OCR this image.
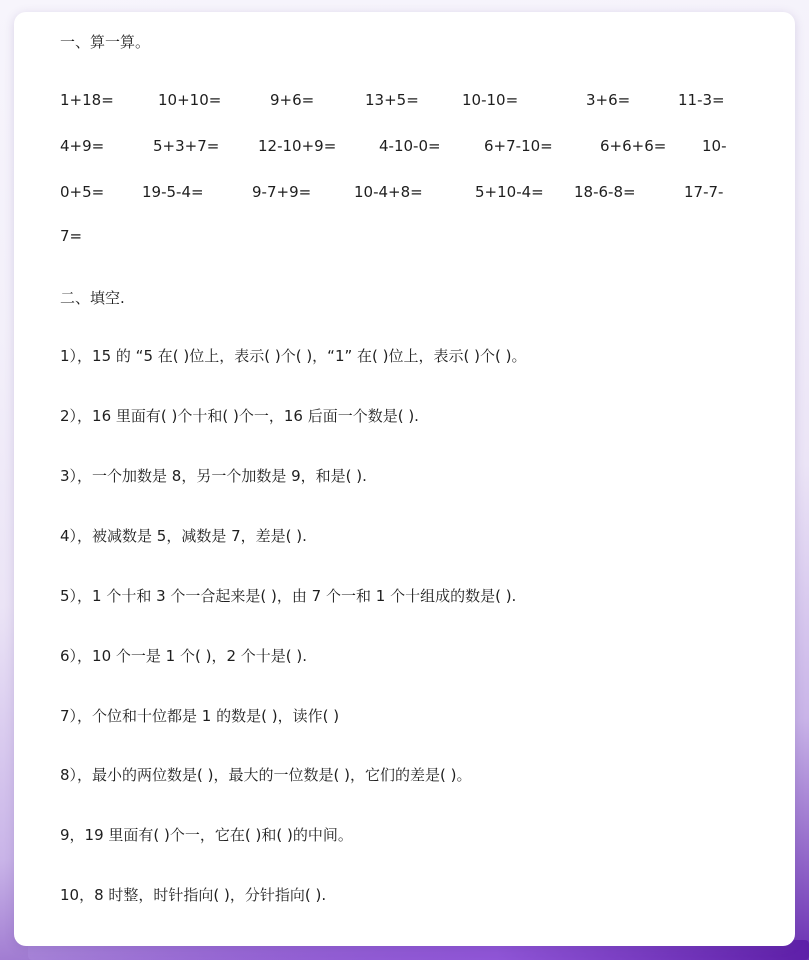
一、算一算。
1+18=	10+10=	9+6=	13+5=	10-10=	3+6=	11-3=
4+9=	5+3+7=	12-10+9=	4-10-0=	6+7-10=	6+6+6= 10-
0+5=	19-5-4=	9-7+9=	10-4+8=	5+10-4= 18-6-8=	17-7-
7=
二、填空.
1），15 的 “5 在( )位上，表示( )个( )，“1” 在( )位上，表示( )个( )。
2），16 里面有( )个十和( )个一，16 后面一个数是( ).
3），一个加数是 8，另一个加数是 9，和是( ).
4），被减数是 5，减数是 7，差是( ).
5），1 个十和 3 个一合起来是( )，由 7 个一和 1 个十组成的数是( ).
6），10 个一是 1 个( )，2 个十是( ).
7），个位和十位都是 1 的数是( )，读作( )
8），最小的两位数是( )，最大的一位数是( )，它们的差是( )。
9，19 里面有( )个一，它在( )和( )的中间。
10，8 时整，时针指向( )，分针指向( ).
